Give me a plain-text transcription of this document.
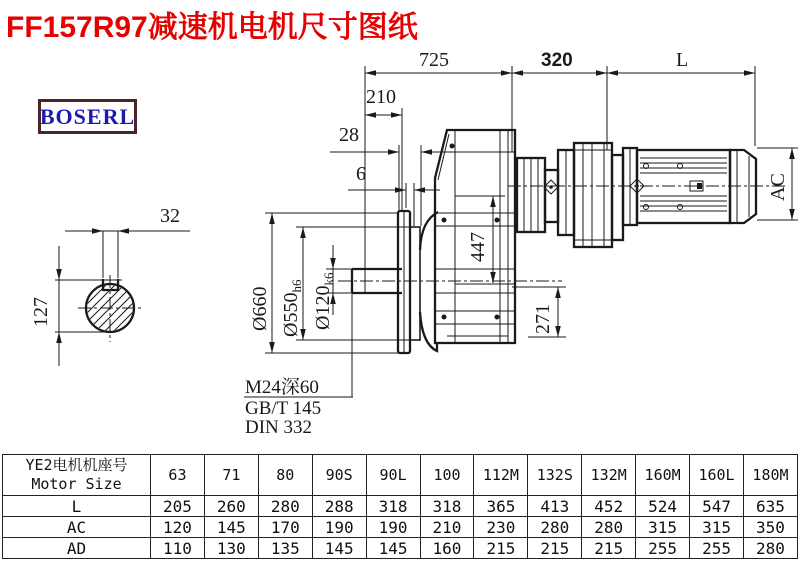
FF157R97减速机电机尺寸图纸
BOSERL
32
127
725	320	L
210
28
6
Ø660 $Ø550_{h6}$ $Ø120_{k6}$
447
271
AC
M24深60
GB/T 145
DIN 332
YE2电机机座号
Motor Size	63	71	80	90S	90L	100	112M	132S	132M	160M	160L	180M
L	205	260	280	288	318	318	365	413	452	524	547	635
AC	120	145	170	190	190	210	230	280	280	315	315	350
AD	110	130	135	145	145	160	215	215	215	255	255	280
